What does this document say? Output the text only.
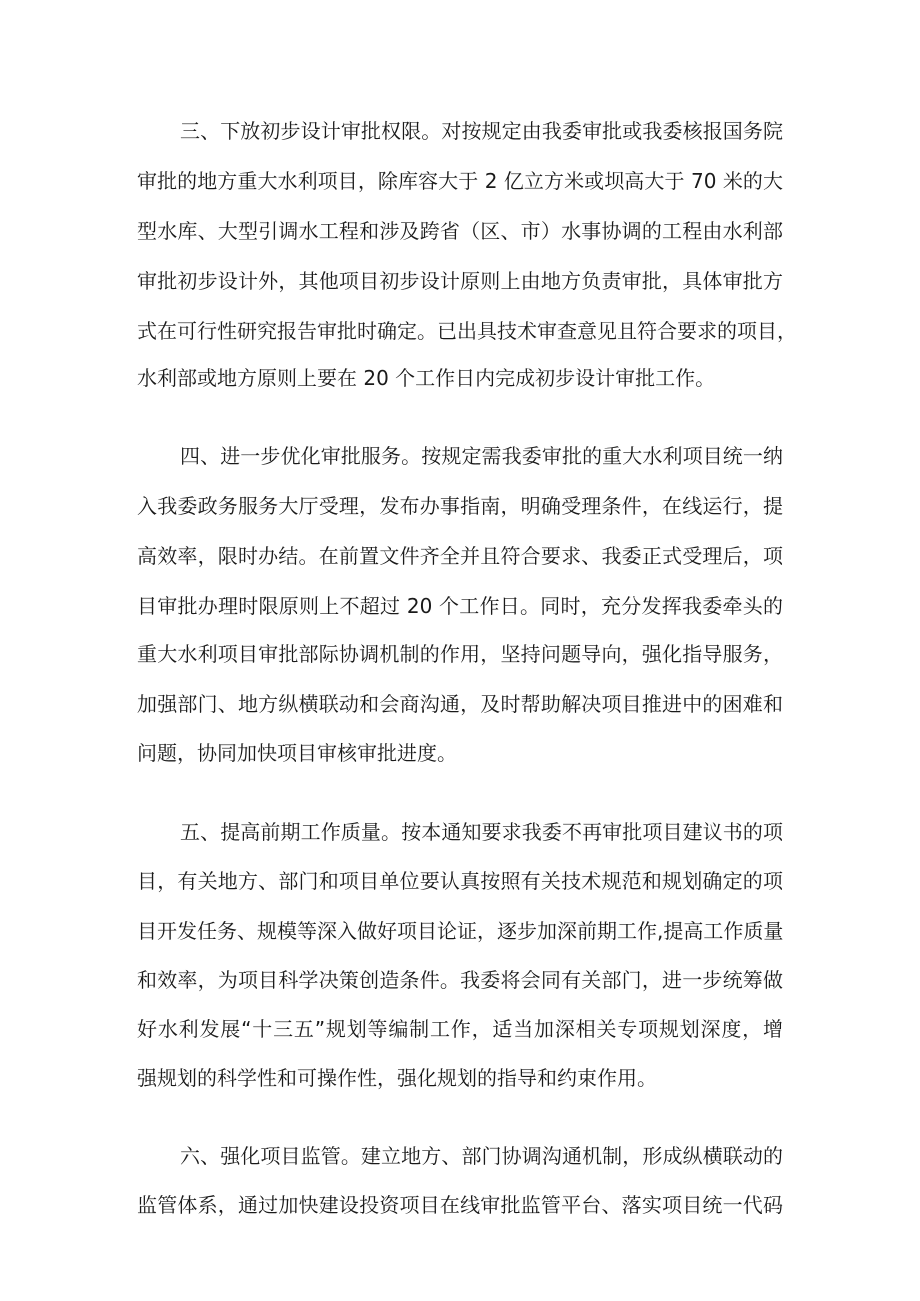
三、下放初步设计审批权限。对按规定由我委审批或我委核报国务院
审批的地方重大水利项目，除库容大于 2 亿立方米或坝高大于 70 米的大
型水库、大型引调水工程和涉及跨省（区、市）水事协调的工程由水利部
审批初步设计外，其他项目初步设计原则上由地方负责审批，具体审批方
式在可行性研究报告审批时确定。已出具技术审查意见且符合要求的项目，
水利部或地方原则上要在 20 个工作日内完成初步设计审批工作。
四、进一步优化审批服务。按规定需我委审批的重大水利项目统一纳
入我委政务服务大厅受理，发布办事指南，明确受理条件，在线运行，提
高效率，限时办结。在前置文件齐全并且符合要求、我委正式受理后，项
目审批办理时限原则上不超过 20 个工作日。同时，充分发挥我委牵头的
重大水利项目审批部际协调机制的作用，坚持问题导向，强化指导服务，
加强部门、地方纵横联动和会商沟通，及时帮助解决项目推进中的困难和
问题，协同加快项目审核审批进度。
五、提高前期工作质量。按本通知要求我委不再审批项目建议书的项
目，有关地方、部门和项目单位要认真按照有关技术规范和规划确定的项
目开发任务、规模等深入做好项目论证，逐步加深前期工作,提高工作质量
和效率，为项目科学决策创造条件。我委将会同有关部门，进一步统筹做
好水利发展“十三五”规划等编制工作，适当加深相关专项规划深度，增
强规划的科学性和可操作性，强化规划的指导和约束作用。
六、强化项目监管。建立地方、部门协调沟通机制，形成纵横联动的
监管体系，通过加快建设投资项目在线审批监管平台、落实项目统一代码
